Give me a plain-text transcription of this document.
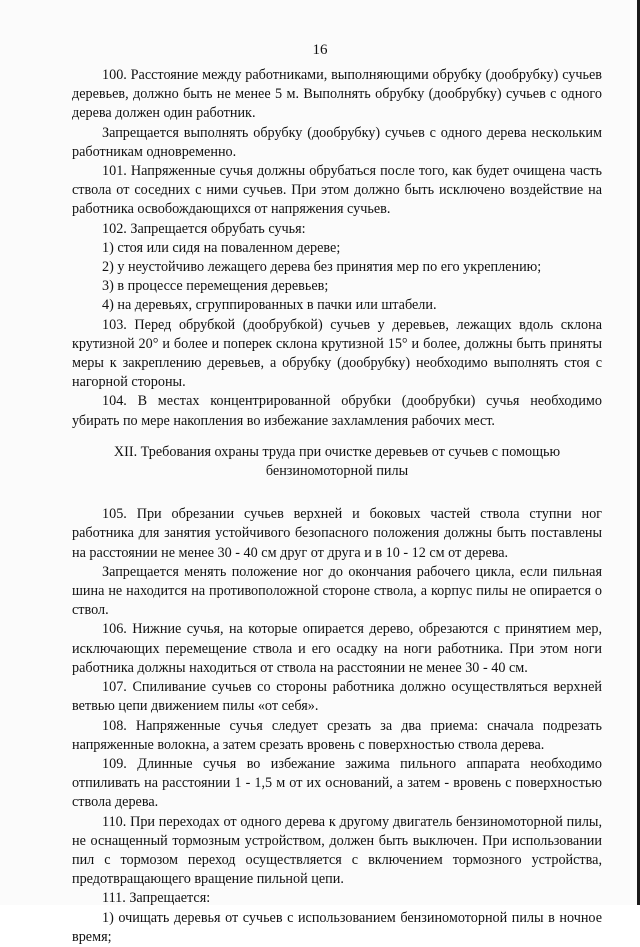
16

100. Расстояние между работниками, выполняющими обрубку (дообрубку) сучьев деревьев, должно быть не менее 5 м. Выполнять обрубку (дообрубку) сучьев с одного дерева должен один работник.

Запрещается выполнять обрубку (дообрубку) сучьев с одного дерева нескольким работникам одновременно.

101. Напряженные сучья должны обрубаться после того, как будет очищена часть ствола от соседних с ними сучьев. При этом должно быть исключено воздействие на работника освобождающихся от напряжения сучьев.

102. Запрещается обрубать сучья:

1) стоя или сидя на поваленном дереве;

2) у неустойчиво лежащего дерева без принятия мер по его укреплению;

3) в процессе перемещения деревьев;

4) на деревьях, сгруппированных в пачки или штабели.

103. Перед обрубкой (дообрубкой) сучьев у деревьев, лежащих вдоль склона крутизной 20° и более и поперек склона крутизной 15° и более, должны быть приняты меры к закреплению деревьев, а обрубку (дообрубку) необходимо выполнять стоя с нагорной стороны.

104. В местах концентрированной обрубки (дообрубки) сучья необходимо убирать по мере накопления во избежание захламления рабочих мест.

XII. Требования охраны труда при очистке деревьев от сучьев с помощью
бензиномоторной пилы

105. При обрезании сучьев верхней и боковых частей ствола ступни ног работника для занятия устойчивого безопасного положения должны быть поставлены на расстоянии не менее 30 - 40 см друг от друга и в 10 - 12 см от дерева.

Запрещается менять положение ног до окончания рабочего цикла, если пильная шина не находится на противоположной стороне ствола, а корпус пилы не опирается о ствол.

106. Нижние сучья, на которые опирается дерево, обрезаются с принятием мер, исключающих перемещение ствола и его осадку на ноги работника. При этом ноги работника должны находиться от ствола на расстоянии не менее 30 - 40 см.

107. Спиливание сучьев со стороны работника должно осуществляться верхней ветвью цепи движением пилы «от себя».

108. Напряженные сучья следует срезать за два приема: сначала подрезать напряженные волокна, а затем срезать вровень с поверхностью ствола дерева.

109. Длинные сучья во избежание зажима пильного аппарата необходимо отпиливать на расстоянии 1 - 1,5 м от их оснований, а затем - вровень с поверхностью ствола дерева.

110. При переходах от одного дерева к другому двигатель бензиномоторной пилы, не оснащенный тормозным устройством, должен быть выключен. При использовании пил с тормозом переход осуществляется с включением тормозного устройства, предотвращающего вращение пильной цепи.

111. Запрещается:

1) очищать деревья от сучьев с использованием бензиномоторной пилы в ночное время;
